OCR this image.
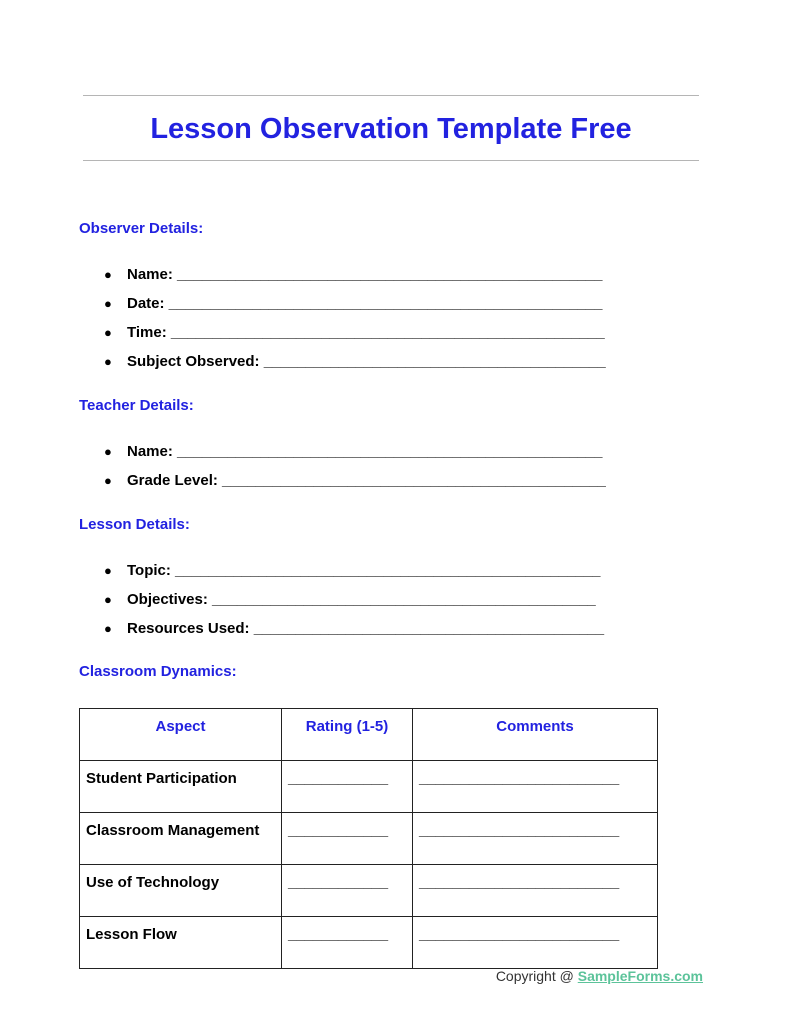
Lesson Observation Template Free
Observer Details:
● Name: ___________________________________________________
● Date: ____________________________________________________
● Time: ____________________________________________________
● Subject Observed: _________________________________________
Teacher Details:
● Name: ___________________________________________________
● Grade Level: ______________________________________________
Lesson Details:
● Topic: ___________________________________________________
● Objectives: ______________________________________________
● Resources Used: __________________________________________
Classroom Dynamics:
Aspect	Rating (1-5)	Comments
Student Participation	____________	________________________
Classroom Management	____________	________________________
Use of Technology	____________	________________________
Lesson Flow	____________	________________________
Copyright @ SampleForms.com
